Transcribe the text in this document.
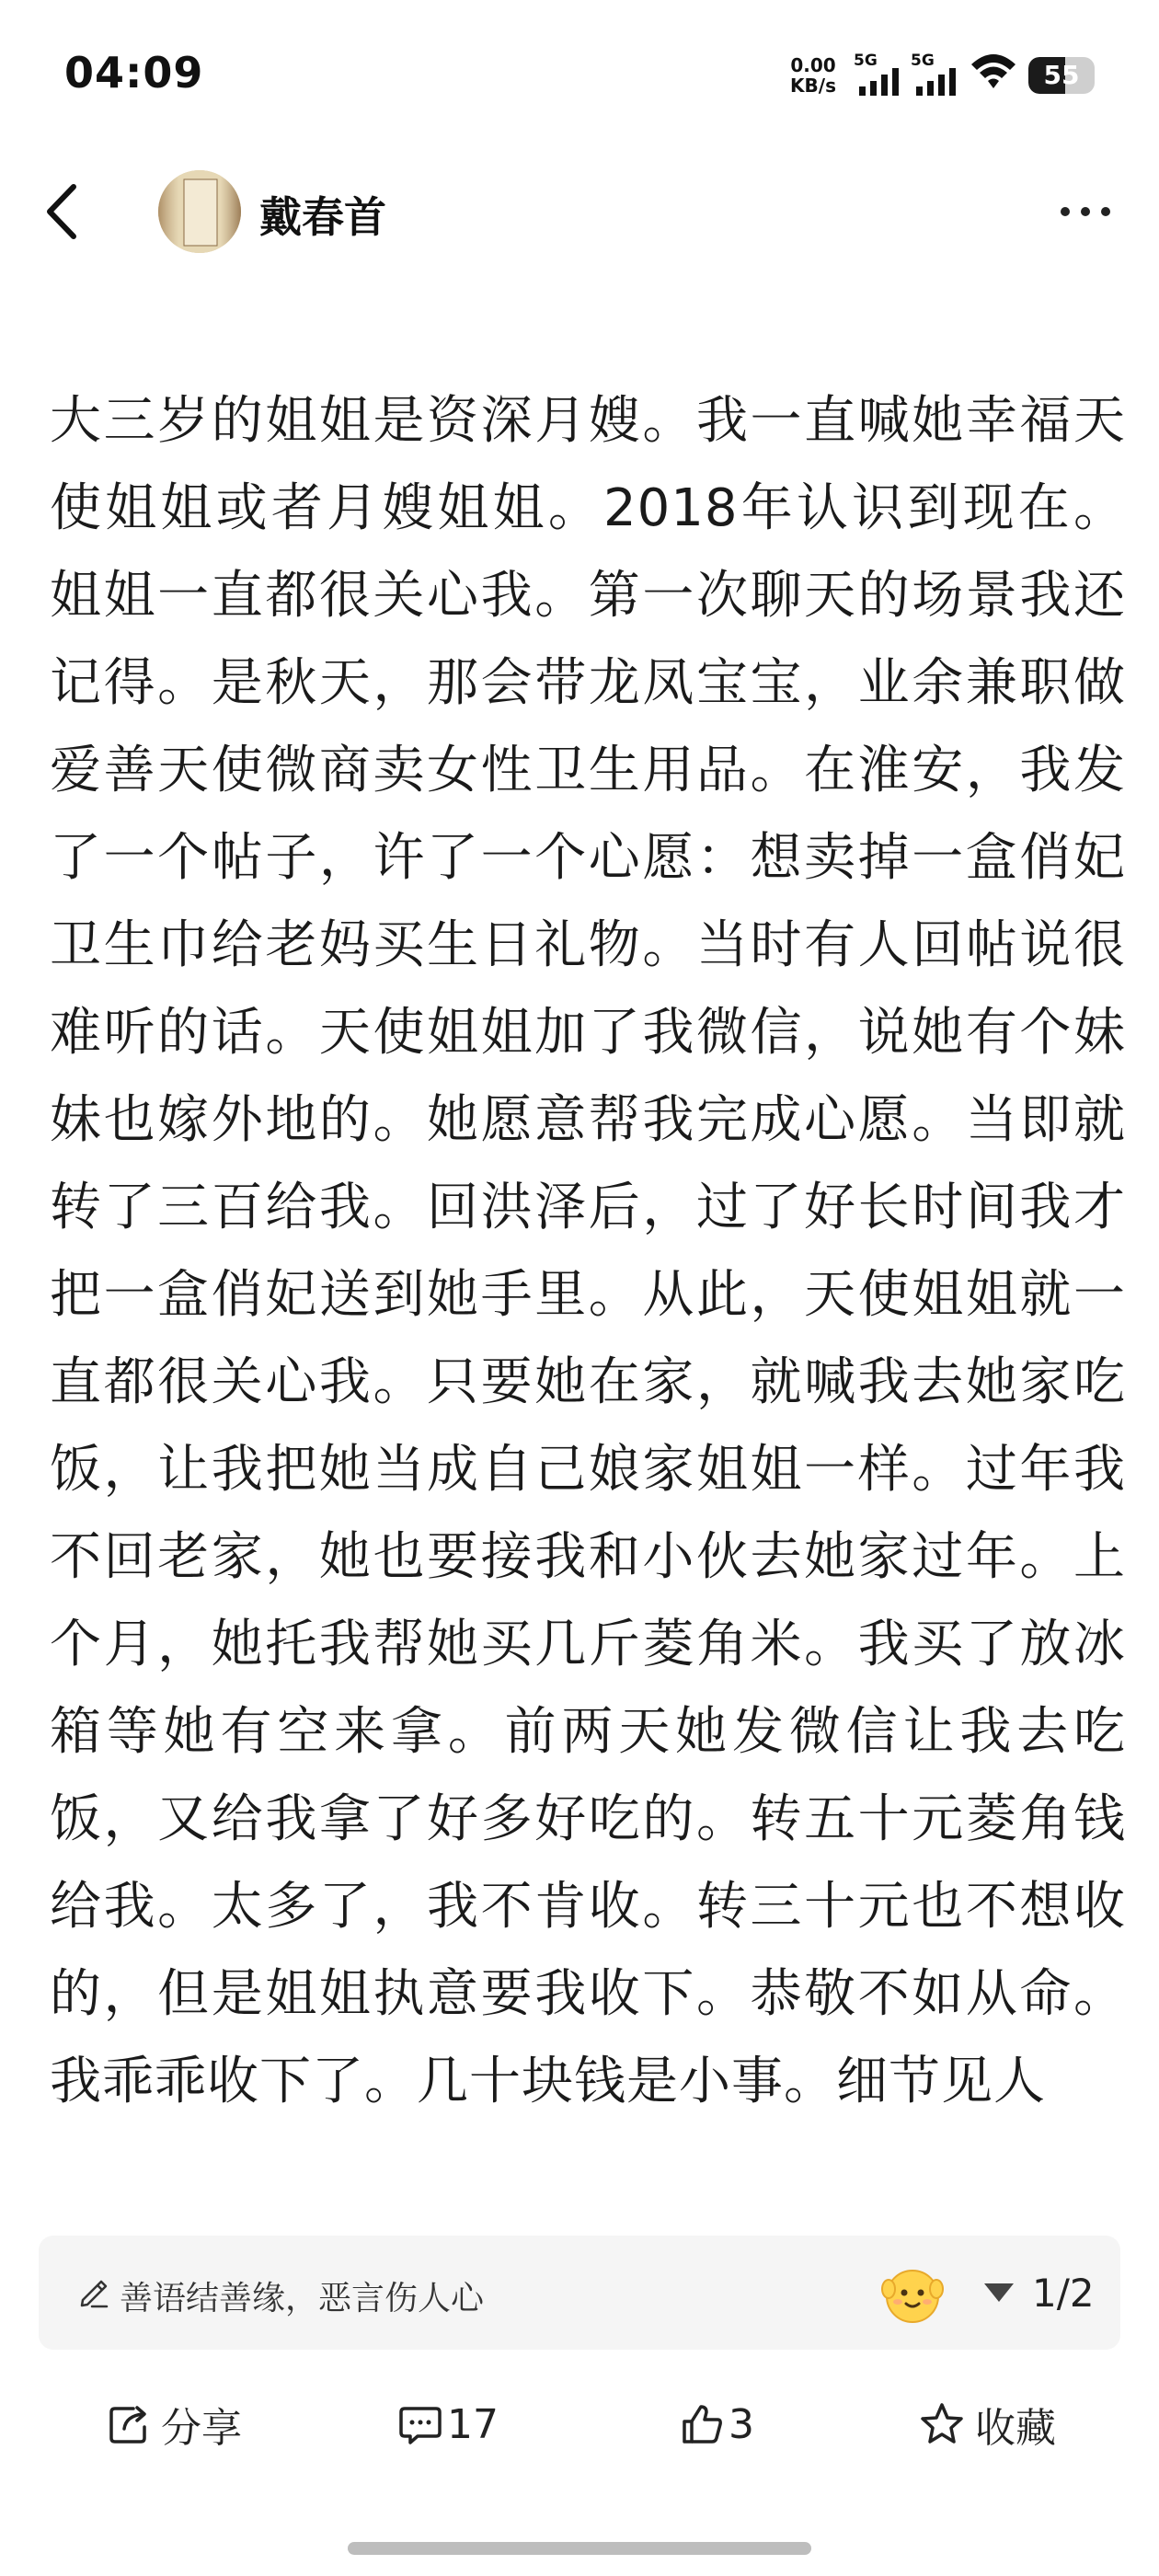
04:09	0.00
KB/s
5G 5G	55
戴春首

大三岁的姐姐是资深月嫂。我一直喊她幸福天使姐姐或者月嫂姐姐。2018年认识到现在。姐姐一直都很关心我。第一次聊天的场景我还记得。是秋天，那会带龙凤宝宝，业余兼职做爱善天使微商卖女性卫生用品。在淮安，我发了一个帖子，许了一个心愿：想卖掉一盒俏妃卫生巾给老妈买生日礼物。当时有人回帖说很难听的话。天使姐姐加了我微信，说她有个妹妹也嫁外地的。她愿意帮我完成心愿。当即就转了三百给我。回洪泽后，过了好长时间我才把一盒俏妃送到她手里。从此，天使姐姐就一直都很关心我。只要她在家，就喊我去她家吃饭，让我把她当成自己娘家姐姐一样。过年我不回老家，她也要接我和小伙去她家过年。上个月，她托我帮她买几斤菱角米。我买了放冰箱等她有空来拿。前两天她发微信让我去吃饭，又给我拿了好多好吃的。转五十元菱角钱给我。太多了，我不肯收。转三十元也不想收的，但是姐姐执意要我收下。恭敬不如从命。我乖乖收下了。几十块钱是小事。细节见人

善语结善缘，恶言伤人心	1/2
分享	17	3	收藏
